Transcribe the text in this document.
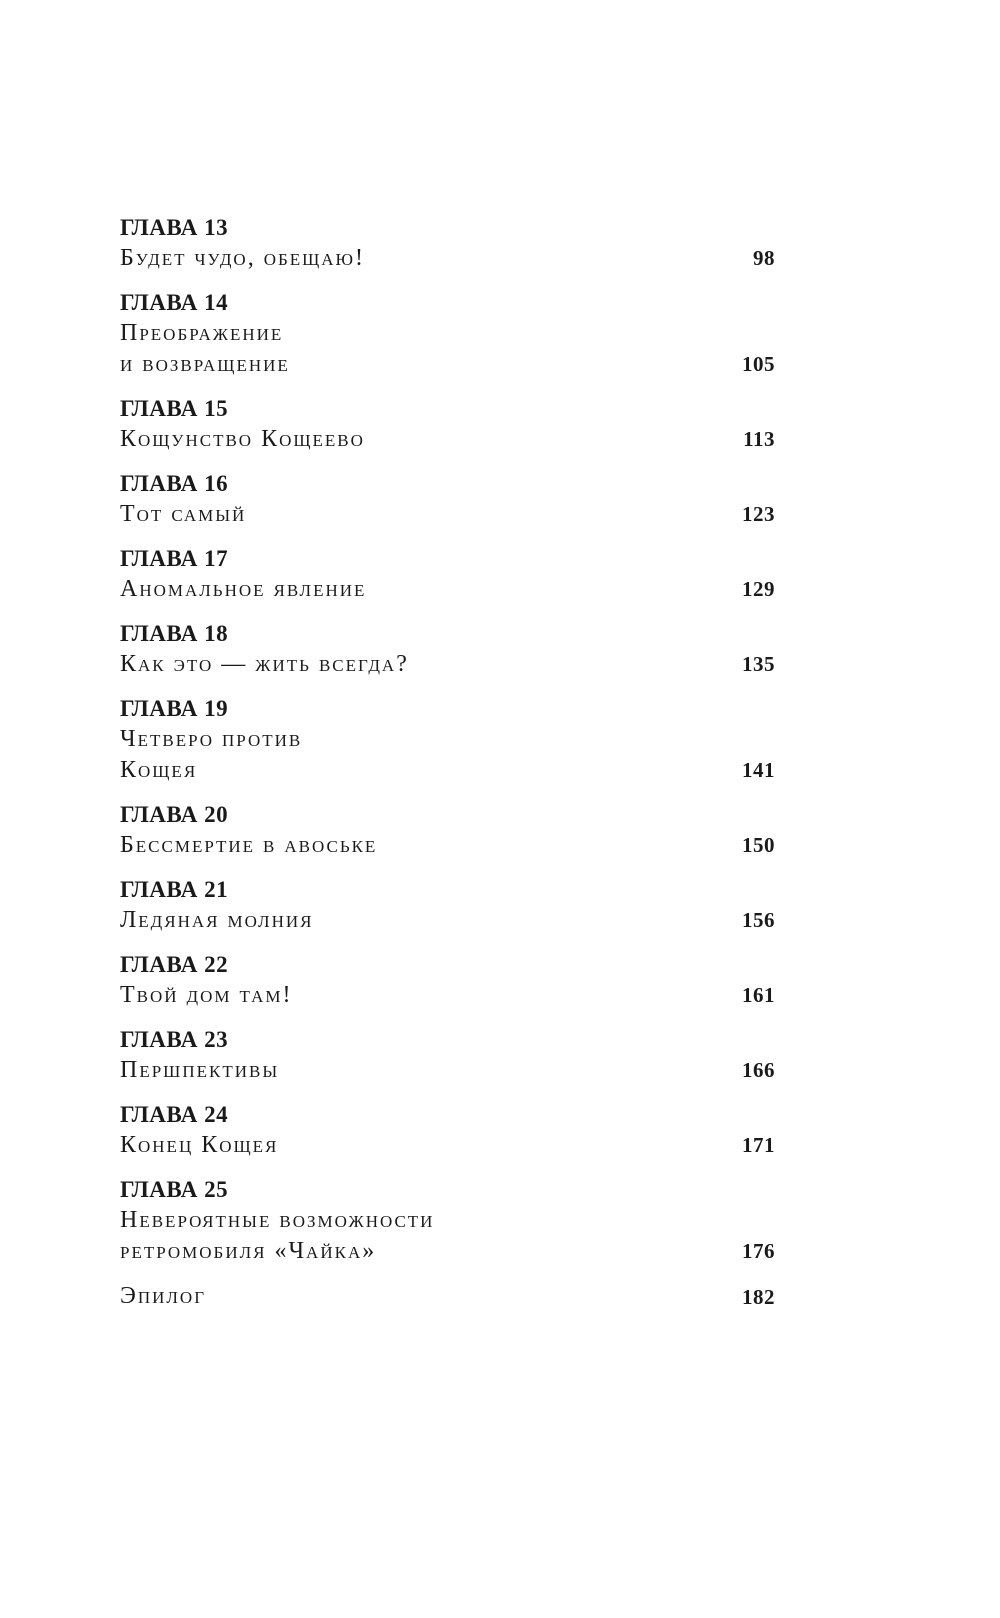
ГЛАВА 13
Будет чудо, обещаю!	98
ГЛАВА 14
Преображение
и возвращение	105
ГЛАВА 15
Кощунство Кощеево	113
ГЛАВА 16
Тот самый	123
ГЛАВА 17
Аномальное явление	129
ГЛАВА 18
Как это — жить всегда?	135
ГЛАВА 19
Четверо против
Кощея	141
ГЛАВА 20
Бессмертие в авоське	150
ГЛАВА 21
Ледяная молния	156
ГЛАВА 22
Твой дом там!	161
ГЛАВА 23
Першпективы	166
ГЛАВА 24
Конец Кощея	171
ГЛАВА 25
Невероятные возможности
ретромобиля «Чайка»	176
Эпилог	182
